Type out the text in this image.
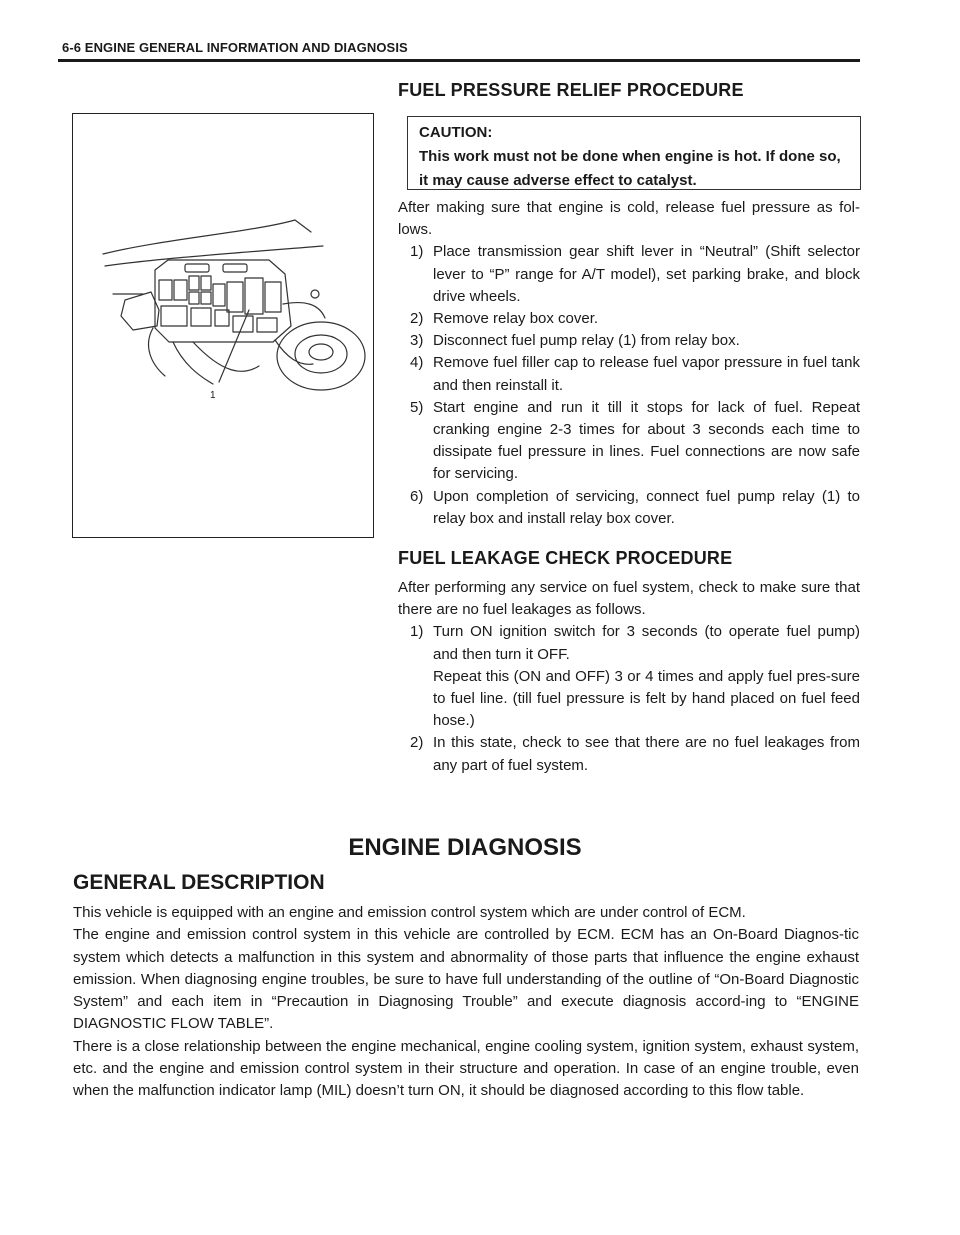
6-6 ENGINE GENERAL INFORMATION AND DIAGNOSIS
1
FUEL PRESSURE RELIEF PROCEDURE
CAUTION:
This work must not be done when engine is hot. If done so, it may cause adverse effect to catalyst.
After making sure that engine is cold, release fuel pressure as fol-lows.
1) Place transmission gear shift lever in “Neutral” (Shift selector lever to “P” range for A/T model), set parking brake, and block drive wheels.
2) Remove relay box cover.
3) Disconnect fuel pump relay (1) from relay box.
4) Remove fuel filler cap to release fuel vapor pressure in fuel tank and then reinstall it.
5) Start engine and run it till it stops for lack of fuel. Repeat cranking engine 2-3 times for about 3 seconds each time to dissipate fuel pressure in lines. Fuel connections are now safe for servicing.
6) Upon completion of servicing, connect fuel pump relay (1) to relay box and install relay box cover.
FUEL LEAKAGE CHECK PROCEDURE
After performing any service on fuel system, check to make sure that there are no fuel leakages as follows.
1) Turn ON ignition switch for 3 seconds (to operate fuel pump) and then turn it OFF.
Repeat this (ON and OFF) 3 or 4 times and apply fuel pres-sure to fuel line. (till fuel pressure is felt by hand placed on fuel feed hose.)
2) In this state, check to see that there are no fuel leakages from any part of fuel system.
ENGINE DIAGNOSIS
GENERAL DESCRIPTION

This vehicle is equipped with an engine and emission control system which are under control of ECM.

The engine and emission control system in this vehicle are controlled by ECM. ECM has an On-Board Diagnos-tic system which detects a malfunction in this system and abnormality of those parts that influence the engine exhaust emission. When diagnosing engine troubles, be sure to have full understanding of the outline of “On-Board Diagnostic System” and each item in “Precaution in Diagnosing Trouble” and execute diagnosis accord-ing to “ENGINE DIAGNOSTIC FLOW TABLE”.

There is a close relationship between the engine mechanical, engine cooling system, ignition system, exhaust system, etc. and the engine and emission control system in their structure and operation. In case of an engine trouble, even when the malfunction indicator lamp (MIL) doesn’t turn ON, it should be diagnosed according to this flow table.
